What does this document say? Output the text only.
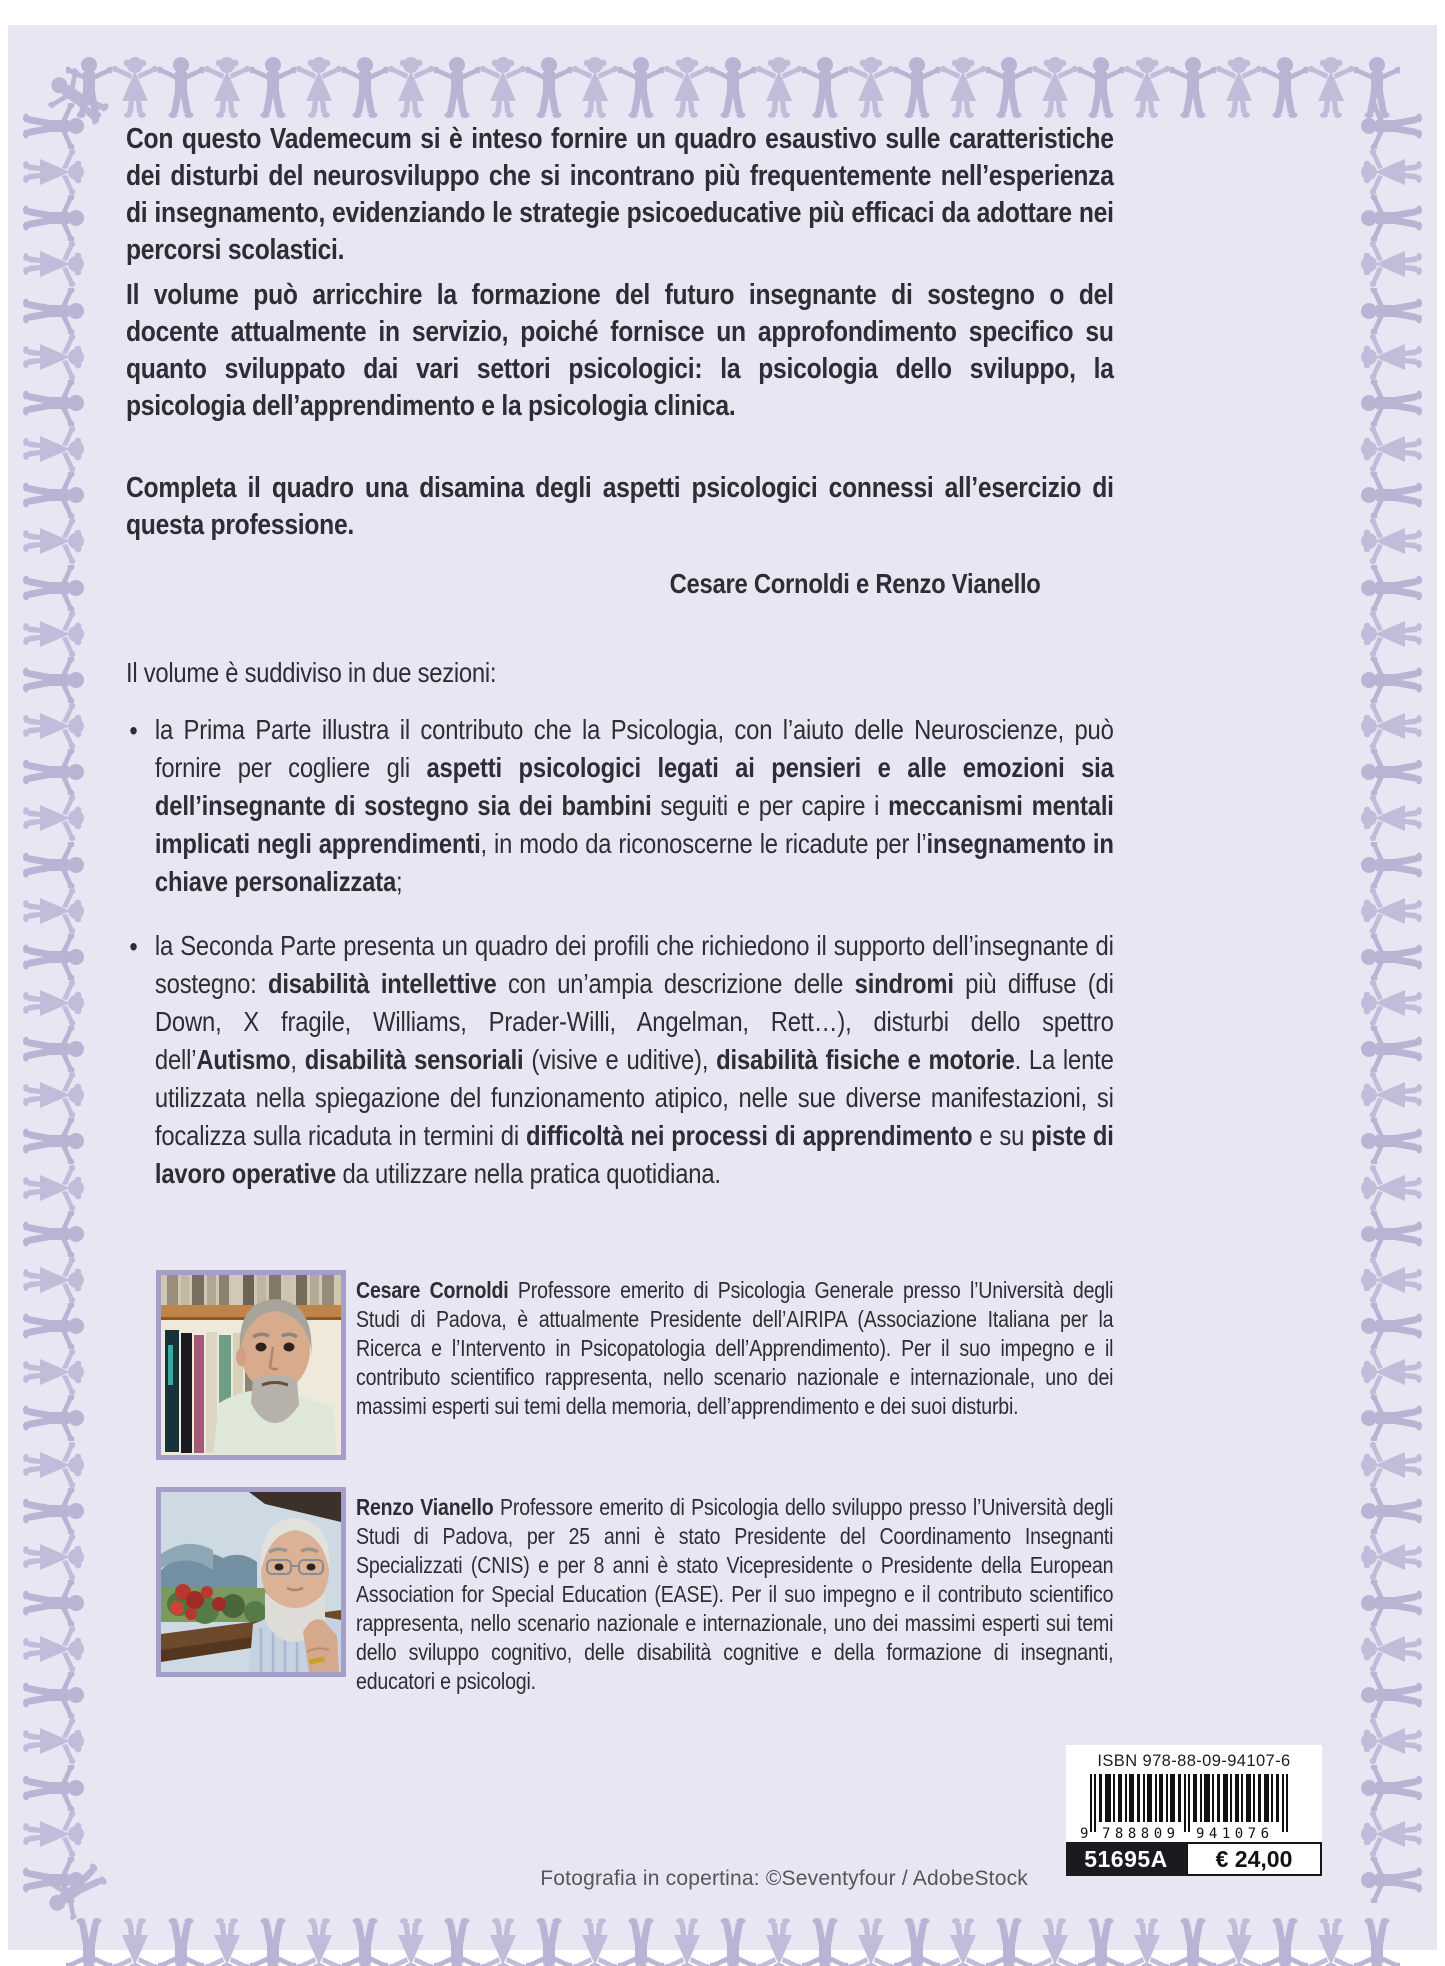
Con questo Vademecum si è inteso fornire un quadro esaustivo sulle caratteristiche dei disturbi del neurosviluppo che si incontrano più frequentemente nell’esperienza di insegnamento, evidenziando le strategie psicoeducative più efficaci da adottare nei percorsi scolastici.

Il volume può arricchire la formazione del futuro insegnante di sostegno o del docente attualmente in servizio, poiché fornisce un approfondimento specifico su quanto sviluppato dai vari settori psicologici: la psicologia dello sviluppo, la psicologia dell’apprendimento e la psicologia clinica.

Completa il quadro una disamina degli aspetti psicologici connessi all’esercizio di questa professione.

Cesare Cornoldi e Renzo Vianello

Il volume è suddiviso in due sezioni:

• la Prima Parte illustra il contributo che la Psicologia, con l’aiuto delle Neuroscienze, può fornire per cogliere gli aspetti psicologici legati ai pensieri e alle emozioni sia dell’insegnante di sostegno sia dei bambini seguiti e per capire i meccanismi mentali implicati negli apprendimenti, in modo da riconoscerne le ricadute per l’insegnamento in chiave personalizzata;
• la Seconda Parte presenta un quadro dei profili che richiedono il supporto dell’insegnante di sostegno: disabilità intellettive con un’ampia descrizione delle sindromi più diffuse (di Down, X fragile, Williams, Prader-Willi, Angelman, Rett…), disturbi dello spettro dell’Autismo, disabilità sensoriali (visive e uditive), disabilità fisiche e motorie. La lente utilizzata nella spiegazione del funzionamento atipico, nelle sue diverse manifestazioni, si focalizza sulla ricaduta in termini di difficoltà nei processi di apprendimento e su piste di lavoro operative da utilizzare nella pratica quotidiana.

Cesare Cornoldi Professore emerito di Psicologia Generale presso l’Università degli Studi di Padova, è attualmente Presidente dell’AIRIPA (Associazione Italiana per la Ricerca e l’Intervento in Psicopatologia dell’Apprendimento). Per il suo impegno e il contributo scientifico rappresenta, nello scenario nazionale e internazionale, uno dei massimi esperti sui temi della memoria, dell’apprendimento e dei suoi disturbi.

Renzo Vianello Professore emerito di Psicologia dello sviluppo presso l’Università degli Studi di Padova, per 25 anni è stato Presidente del Coordinamento Insegnanti Specializzati (CNIS) e per 8 anni è stato Vicepresidente o Presidente della European Association for Special Education (EASE). Per il suo impegno e il contributo scientifico rappresenta, nello scenario nazionale e internazionale, uno dei massimi esperti sui temi dello sviluppo cognitivo, delle disabilità cognitive e della formazione di insegnanti, educatori e psicologi.

ISBN 978-88-09-94107-6
9 788809 941076
51695A	€ 24,00
Fotografia in copertina: ©Seventyfour / AdobeStock
